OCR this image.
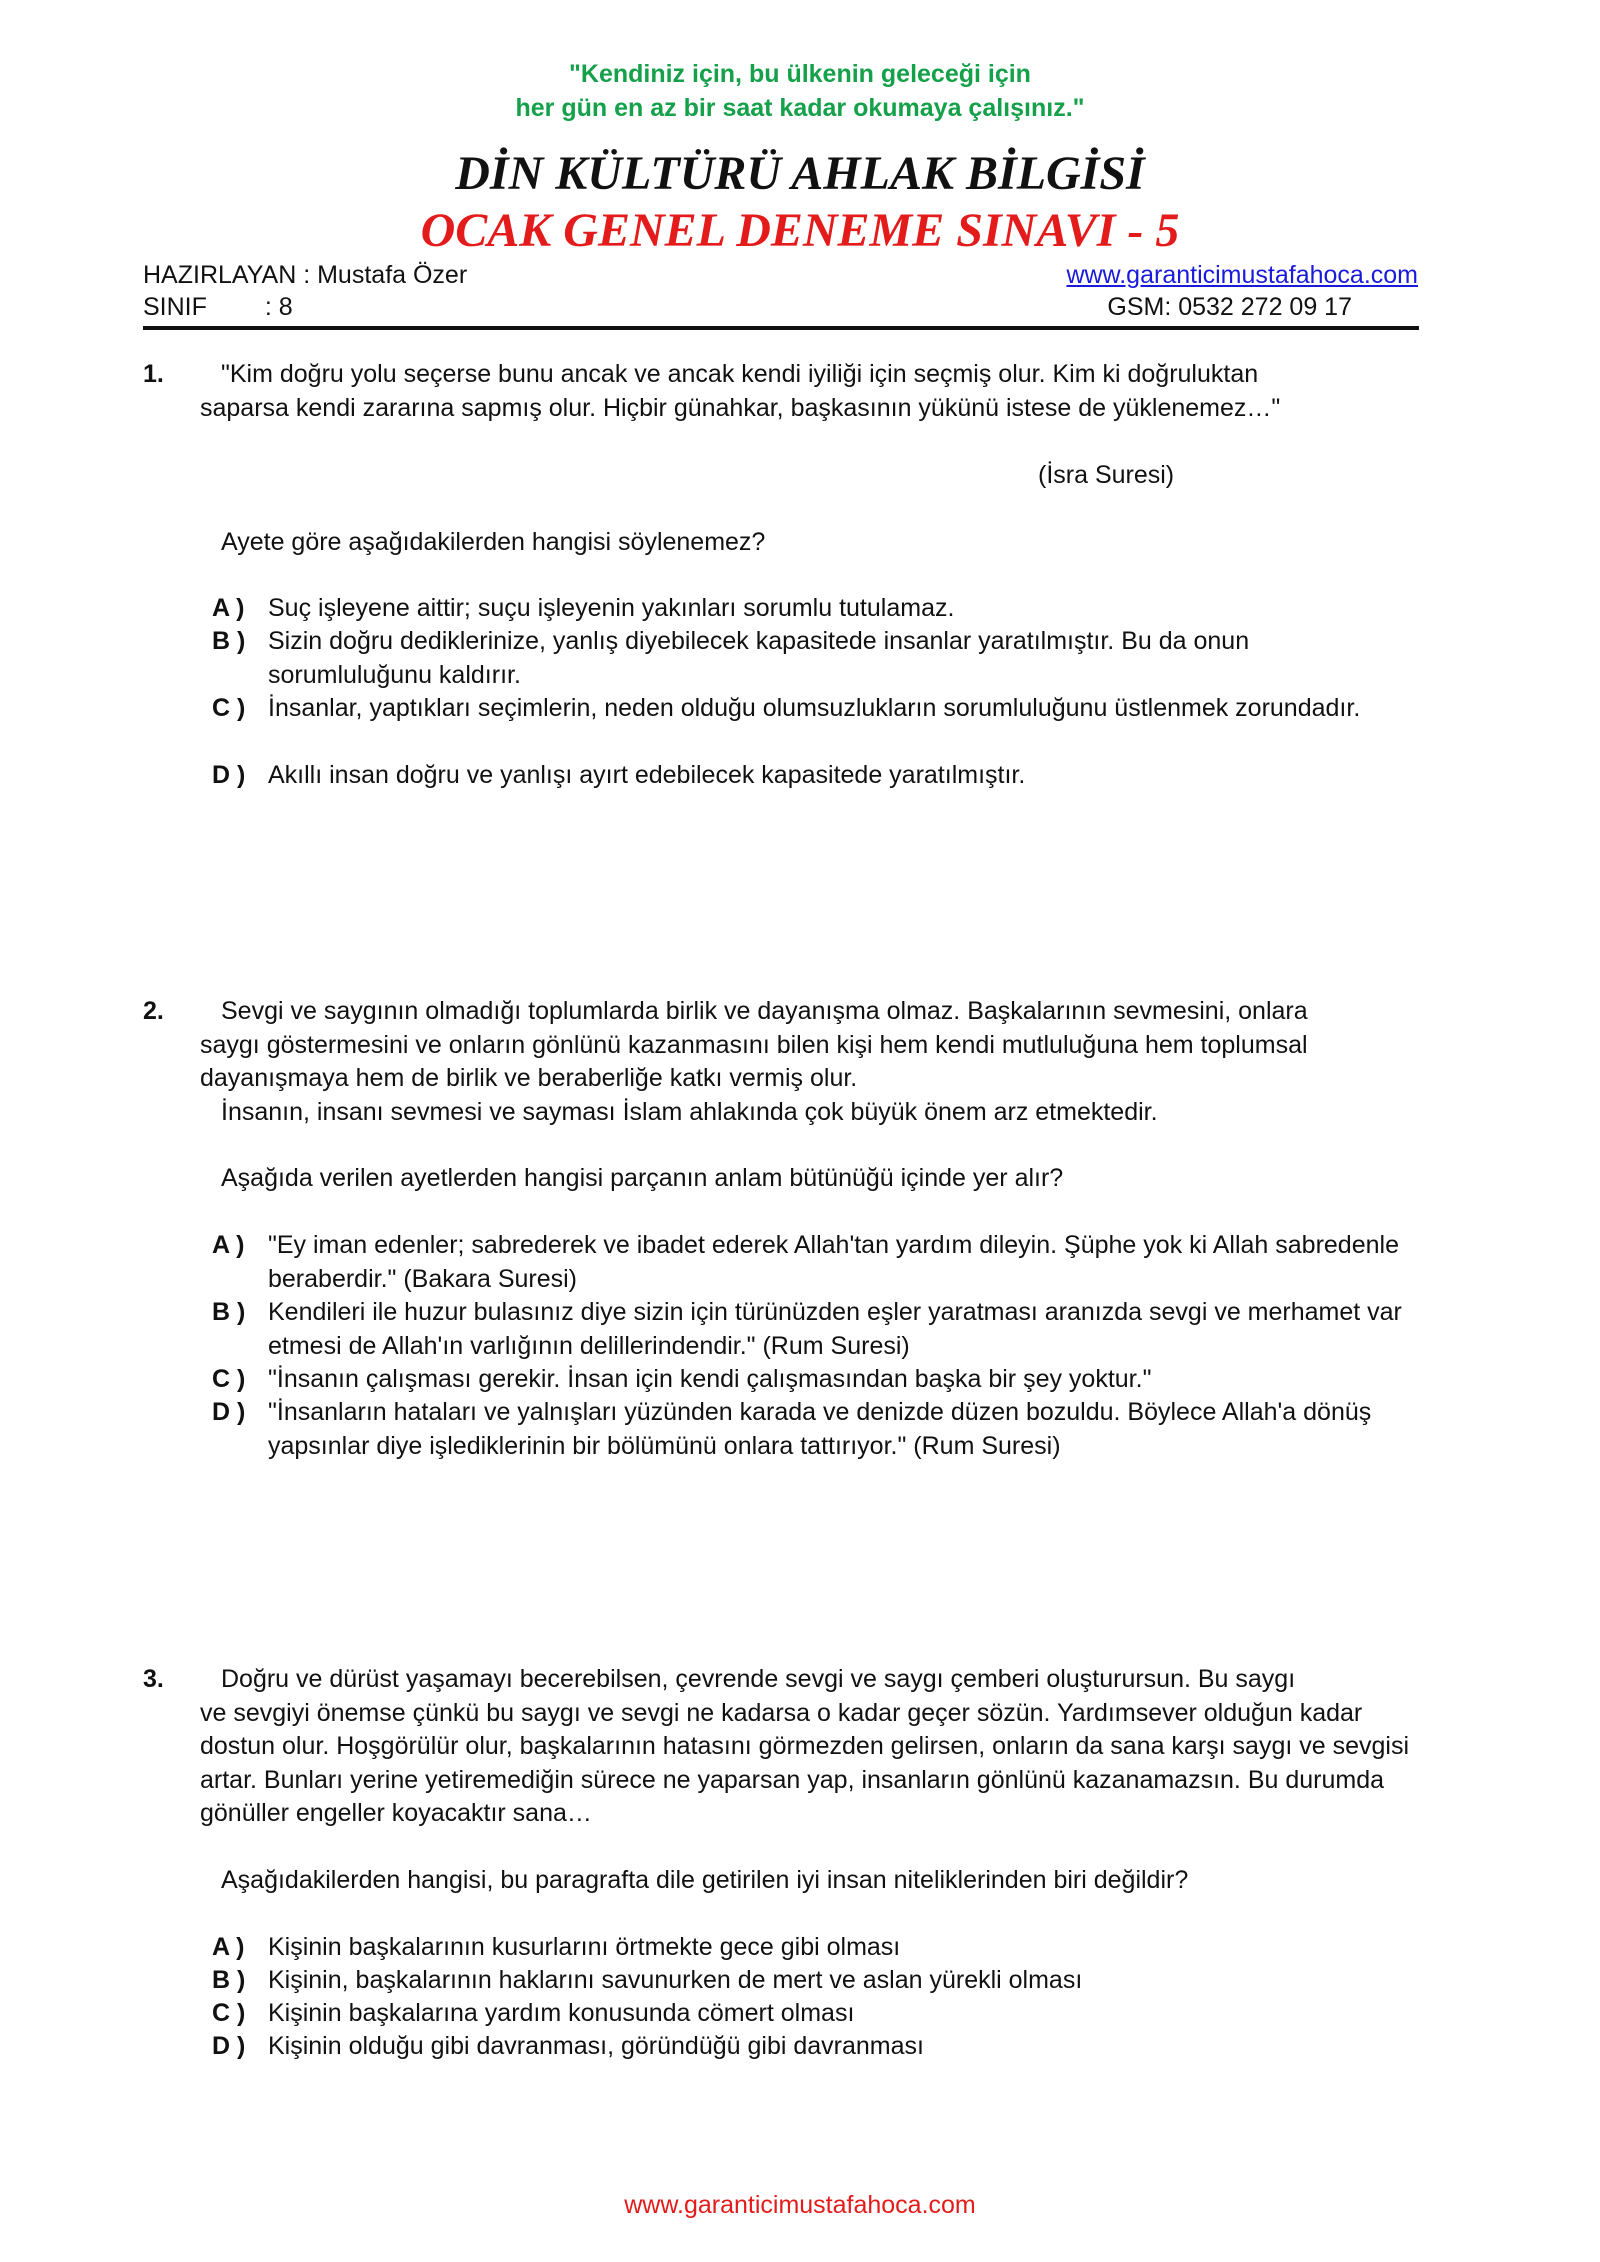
"Kendiniz için, bu ülkenin geleceği için
her gün en az bir saat kadar okumaya çalışınız."
DİN KÜLTÜRÜ AHLAK BİLGİSİ
OCAK GENEL DENEME SINAVI - 5
HAZIRLAYAN : Mustafa Özer
SINIF : 8
www.garanticimustafahoca.com
GSM: 0532 272 09 17
1.	"Kim doğru yolu seçerse bunu ancak ve ancak kendi iyiliği için seçmiş olur. Kim ki doğruluktan
saparsa kendi zararına sapmış olur. Hiçbir günahkar, başkasının yükünü istese de yüklenemez…"
(İsra Suresi)
Ayete göre aşağıdakilerden hangisi söylenemez?
A ) Suç işleyene aittir; suçu işleyenin yakınları sorumlu tutulamaz.
B ) Sizin doğru dediklerinize, yanlış diyebilecek kapasitede insanlar yaratılmıştır. Bu da onun sorumluluğunu kaldırır.
C ) İnsanlar, yaptıkları seçimlerin, neden olduğu olumsuzlukların sorumluluğunu üstlenmek zorundadır.
D ) Akıllı insan doğru ve yanlışı ayırt edebilecek kapasitede yaratılmıştır.
2.	Sevgi ve saygının olmadığı toplumlarda birlik ve dayanışma olmaz. Başkalarının sevmesini, onlara
saygı göstermesini ve onların gönlünü kazanmasını bilen kişi hem kendi mutluluğuna hem toplumsal dayanışmaya hem de birlik ve beraberliğe katkı vermiş olur.
İnsanın, insanı sevmesi ve sayması İslam ahlakında çok büyük önem arz etmektedir.
Aşağıda verilen ayetlerden hangisi parçanın anlam bütünüğü içinde yer alır?
A ) "Ey iman edenler; sabrederek ve ibadet ederek Allah'tan yardım dileyin. Şüphe yok ki Allah sabredenle beraberdir." (Bakara Suresi)
B ) Kendileri ile huzur bulasınız diye sizin için türünüzden eşler yaratması aranızda sevgi ve merhamet var etmesi de Allah'ın varlığının delillerindendir." (Rum Suresi)
C ) "İnsanın çalışması gerekir. İnsan için kendi çalışmasından başka bir şey yoktur."
D ) "İnsanların hataları ve yalnışları yüzünden karada ve denizde düzen bozuldu. Böylece Allah'a dönüş yapsınlar diye işlediklerinin bir bölümünü onlara tattırıyor." (Rum Suresi)
3.	Doğru ve dürüst yaşamayı becerebilsen, çevrende sevgi ve saygı çemberi oluşturursun. Bu saygı
ve sevgiyi önemse çünkü bu saygı ve sevgi ne kadarsa o kadar geçer sözün. Yardımsever olduğun kadar dostun olur. Hoşgörülür olur, başkalarının hatasını görmezden gelirsen, onların da sana karşı saygı ve sevgisi artar. Bunları yerine yetiremediğin sürece ne yaparsan yap, insanların gönlünü kazanamazsın. Bu durumda gönüller engeller koyacaktır sana…
Aşağıdakilerden hangisi, bu paragrafta dile getirilen iyi insan niteliklerinden biri değildir?
A ) Kişinin başkalarının kusurlarını örtmekte gece gibi olması
B ) Kişinin, başkalarının haklarını savunurken de mert ve aslan yürekli olması
C ) Kişinin başkalarına yardım konusunda cömert olması
D ) Kişinin olduğu gibi davranması, göründüğü gibi davranması
www.garanticimustafahoca.com
